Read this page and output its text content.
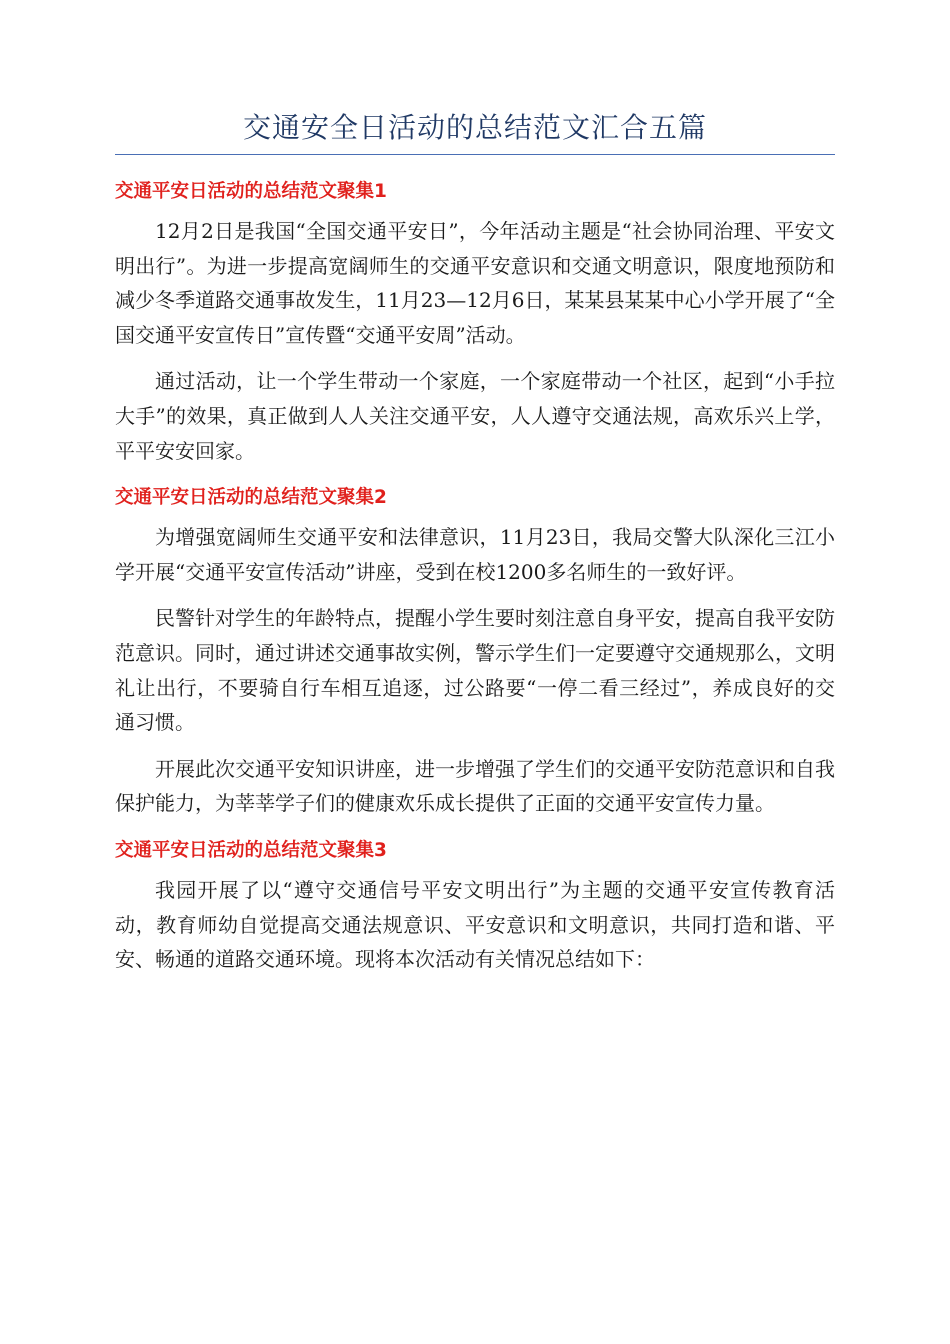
交通安全日活动的总结范文汇合五篇
交通平安日活动的总结范文聚集1

12月2日是我国“全国交通平安日”，今年活动主题是“社会协同治理、平安文明出行”。为进一步提高宽阔师生的交通平安意识和交通文明意识，限度地预防和减少冬季道路交通事故发生，11月23—12月6日，某某县某某中心小学开展了“全国交通平安宣传日”宣传暨“交通平安周”活动。

通过活动，让一个学生带动一个家庭，一个家庭带动一个社区，起到“小手拉大手”的效果，真正做到人人关注交通平安，人人遵守交通法规，高欢乐兴上学，平平安安回家。

交通平安日活动的总结范文聚集2

为增强宽阔师生交通平安和法律意识，11月23日，我局交警大队深化三江小学开展“交通平安宣传活动”讲座，受到在校1200多名师生的一致好评。

民警针对学生的年龄特点，提醒小学生要时刻注意自身平安，提高自我平安防范意识。同时，通过讲述交通事故实例，警示学生们一定要遵守交通规那么，文明礼让出行，不要骑自行车相互追逐，过公路要“一停二看三经过”，养成良好的交通习惯。

开展此次交通平安知识讲座，进一步增强了学生们的交通平安防范意识和自我保护能力，为莘莘学子们的健康欢乐成长提供了正面的交通平安宣传力量。

交通平安日活动的总结范文聚集3

我园开展了以“遵守交通信号平安文明出行”为主题的交通平安宣传教育活动，教育师幼自觉提高交通法规意识、平安意识和文明意识，共同打造和谐、平安、畅通的道路交通环境。现将本次活动有关情况总结如下：
